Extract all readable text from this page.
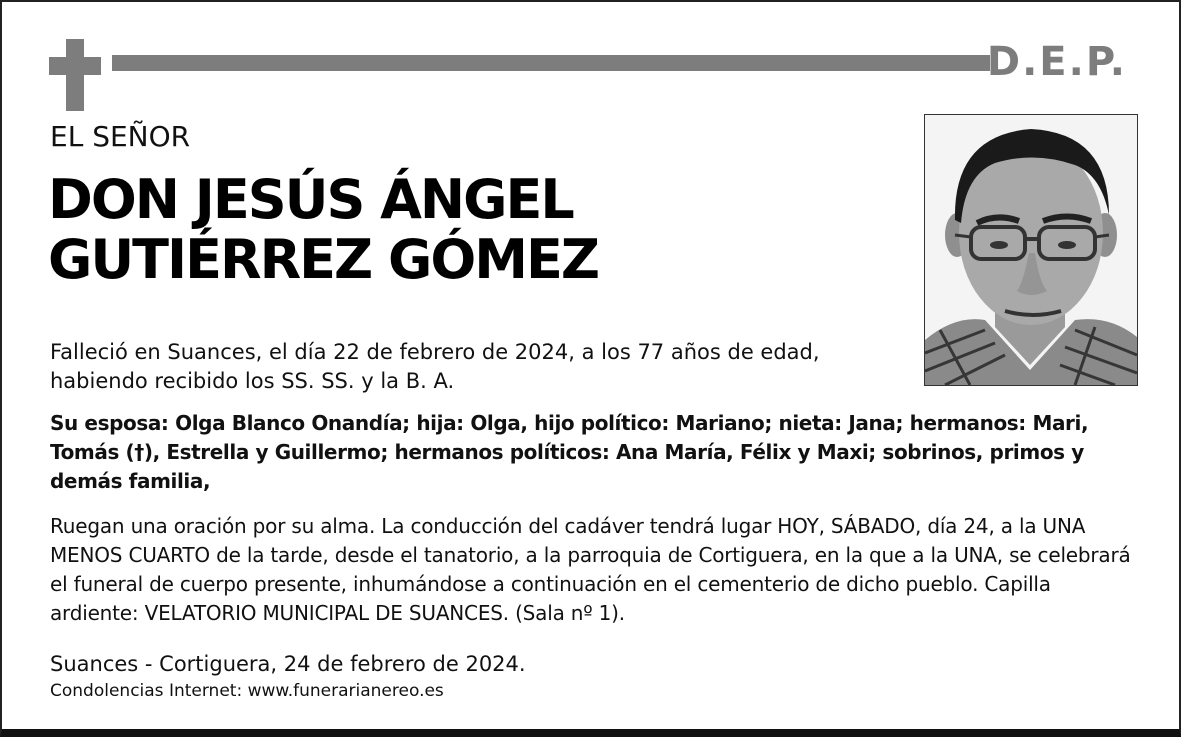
D.E.P.
EL SEÑOR
DON JESÚS ÁNGEL
GUTIÉRREZ GÓMEZ
Falleció en Suances, el día 22 de febrero de 2024, a los 77 años de edad, habiendo recibido los SS. SS. y la B. A.
Su esposa: Olga Blanco Onandía; hija: Olga, hijo político: Mariano; nieta: Jana; hermanos: Mari, Tomás (†), Estrella y Guillermo; hermanos políticos: Ana María, Félix y Maxi; sobrinos, primos y demás familia,
Ruegan una oración por su alma. La conducción del cadáver tendrá lugar HOY, SÁBADO, día 24, a la UNA MENOS CUARTO de la tarde, desde el tanatorio, a la parroquia de Cortiguera, en la que a la UNA, se celebrará el funeral de cuerpo presente, inhumándose a continuación en el cementerio de dicho pueblo. Capilla ardiente: VELATORIO MUNICIPAL DE SUANCES. (Sala nº 1).
Suances - Cortiguera, 24 de febrero de 2024.
Condolencias Internet: www.funerarianereo.es
